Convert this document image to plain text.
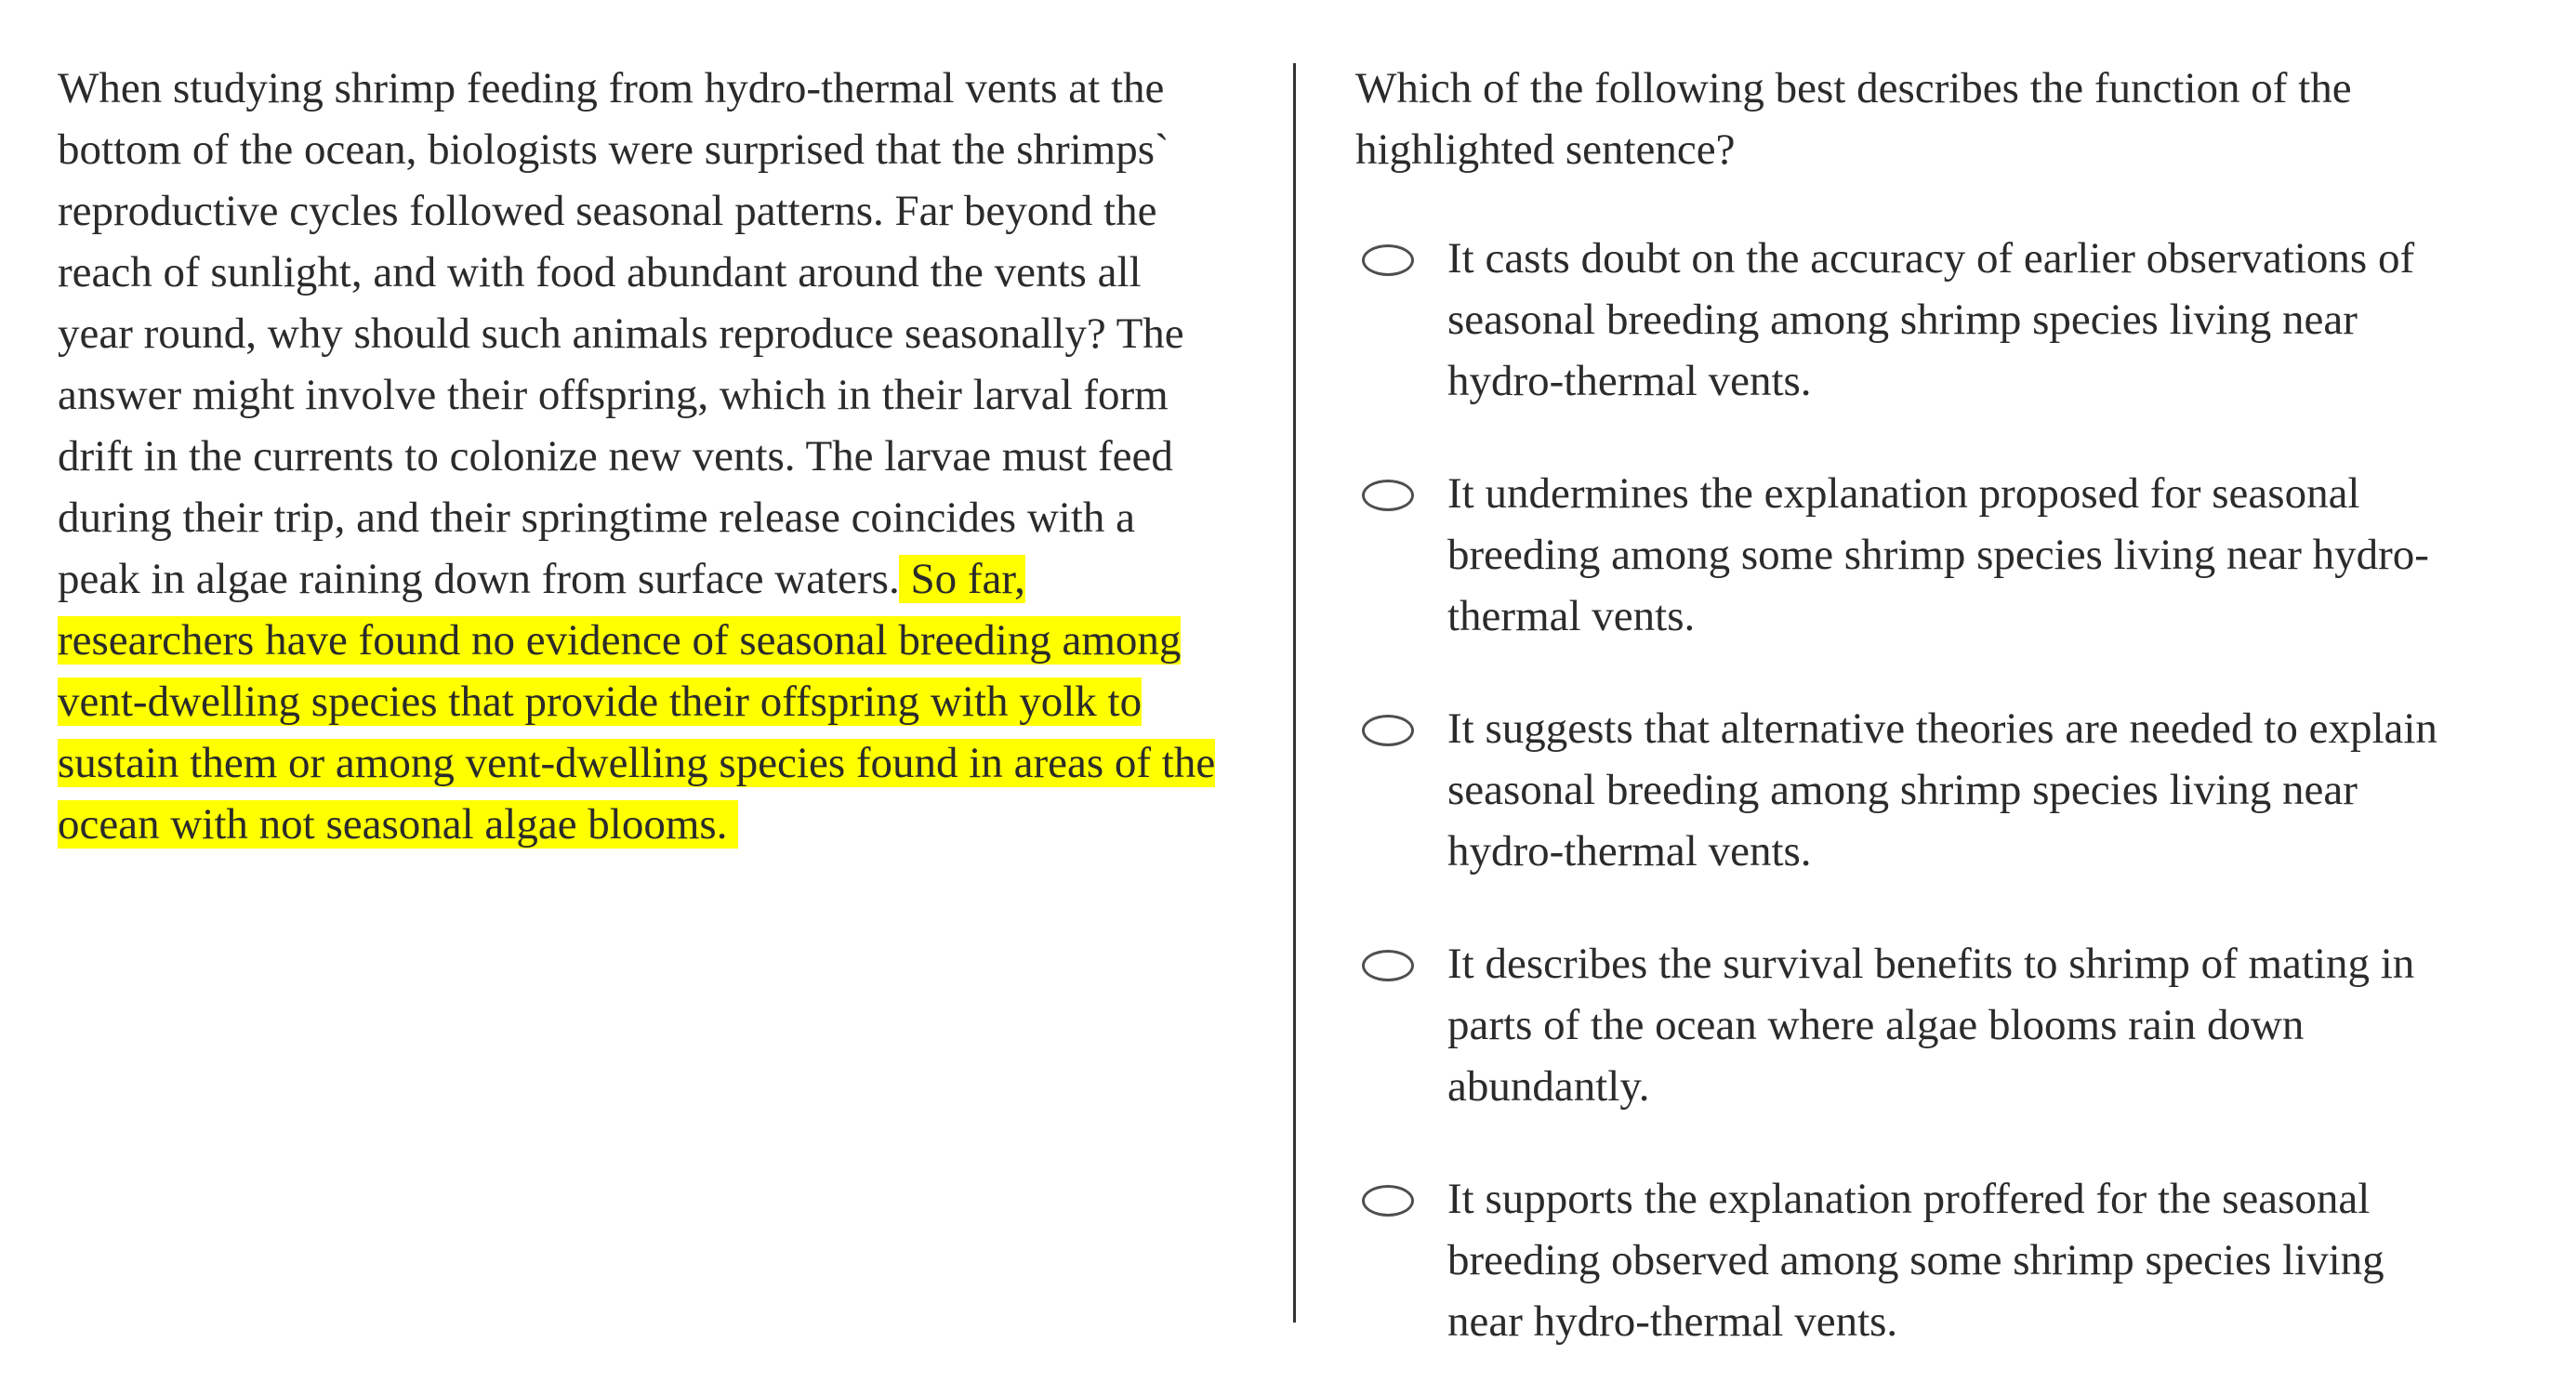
When studying shrimp feeding from hydro-thermal vents at the bottom of the ocean, biologists were surprised that the shrimps` reproductive cycles followed seasonal patterns. Far beyond the reach of sunlight, and with food abundant around the vents all year round, why should such animals reproduce seasonally? The answer might involve their offspring, which in their larval form drift in the currents to colonize new vents. The larvae must feed during their trip, and their springtime release coincides with a peak in algae raining down from surface waters. So far, researchers have found no evidence of seasonal breeding among vent-dwelling species that provide their offspring with yolk to sustain them or among vent-dwelling species found in areas of the ocean with not seasonal algae blooms.
Which of the following best describes the function of the highlighted sentence?
It casts doubt on the accuracy of earlier observations of seasonal breeding among shrimp species living near hydro-thermal vents.
It undermines the explanation proposed for seasonal breeding among some shrimp species living near hydro-thermal vents.
It suggests that alternative theories are needed to explain seasonal breeding among shrimp species living near hydro-thermal vents.
It describes the survival benefits to shrimp of mating in parts of the ocean where algae blooms rain down abundantly.
It supports the explanation proffered for the seasonal breeding observed among some shrimp species living near hydro-thermal vents.
